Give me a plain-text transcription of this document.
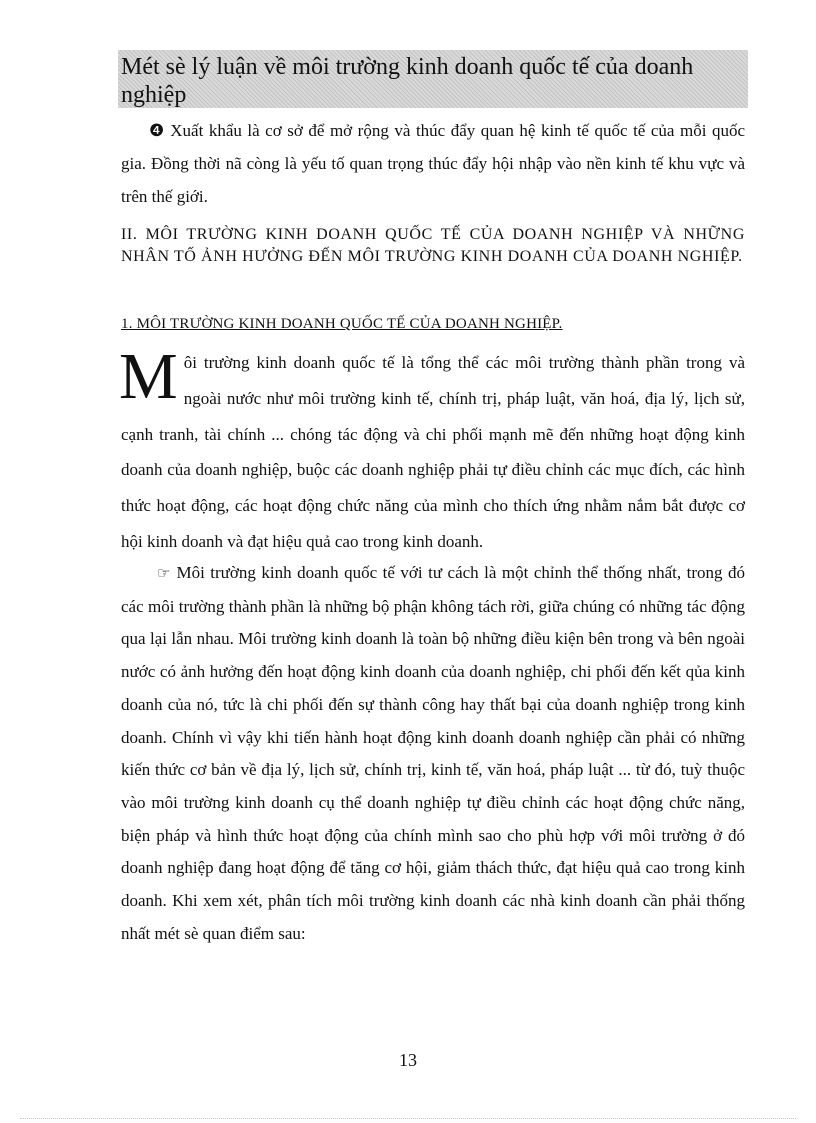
Mét sè lý luận về môi trường kinh doanh quốc tế của doanh nghiệp

❹ Xuất khẩu là cơ sở để mở rộng và thúc đẩy quan hệ kinh tế quốc tế của mỗi quốc gia. Đồng thời nã còng là yếu tố quan trọng thúc đẩy hội nhập vào nền kinh tế khu vực và trên thế giới.

II. MÔI TRƯỜNG KINH DOANH QUỐC TẾ CỦA DOANH NGHIỆP VÀ NHỮNG NHÂN TỐ ẢNH HƯỞNG ĐẾN MÔI TRƯỜNG KINH DOANH CỦA DOANH NGHIỆP.

1. MÔI TRƯỜNG KINH DOANH QUỐC TẾ CỦA DOANH NGHIỆP.

Môi trường kinh doanh quốc tế là tổng thể các môi trường thành phần trong và ngoài nước như môi trường kinh tế, chính trị, pháp luật, văn hoá, địa lý, lịch sử, cạnh tranh, tài chính ... chóng tác động và chi phối mạnh mẽ đến những hoạt động kinh doanh của doanh nghiệp, buộc các doanh nghiệp phải tự điều chỉnh các mục đích, các hình thức hoạt động, các hoạt động chức năng của mình cho thích ứng nhằm nắm bắt được cơ hội kinh doanh và đạt hiệu quả cao trong kinh doanh.

☞ Môi trường kinh doanh quốc tế với tư cách là một chỉnh thể thống nhất, trong đó các môi trường thành phần là những bộ phận không tách rời, giữa chúng có những tác động qua lại lẫn nhau. Môi trường kinh doanh là toàn bộ những điều kiện bên trong và bên ngoài nước có ảnh hưởng đến hoạt động kinh doanh của doanh nghiệp, chi phối đến kết qủa kinh doanh của nó, tức là chi phối đến sự thành công hay thất bại của doanh nghiệp trong kinh doanh. Chính vì vậy khi tiến hành hoạt động kinh doanh doanh nghiệp cần phải có những kiến thức cơ bản về địa lý, lịch sử, chính trị, kinh tế, văn hoá, pháp luật ... từ đó, tuỳ thuộc vào môi trường kinh doanh cụ thể doanh nghiệp tự điều chỉnh các hoạt động chức năng, biện pháp và hình thức hoạt động của chính mình sao cho phù hợp với môi trường ở đó doanh nghiệp đang hoạt động để tăng cơ hội, giảm thách thức, đạt hiệu quả cao trong kinh doanh. Khi xem xét, phân tích môi trường kinh doanh các nhà kinh doanh cần phải thống nhất mét sè quan điểm sau:

13
